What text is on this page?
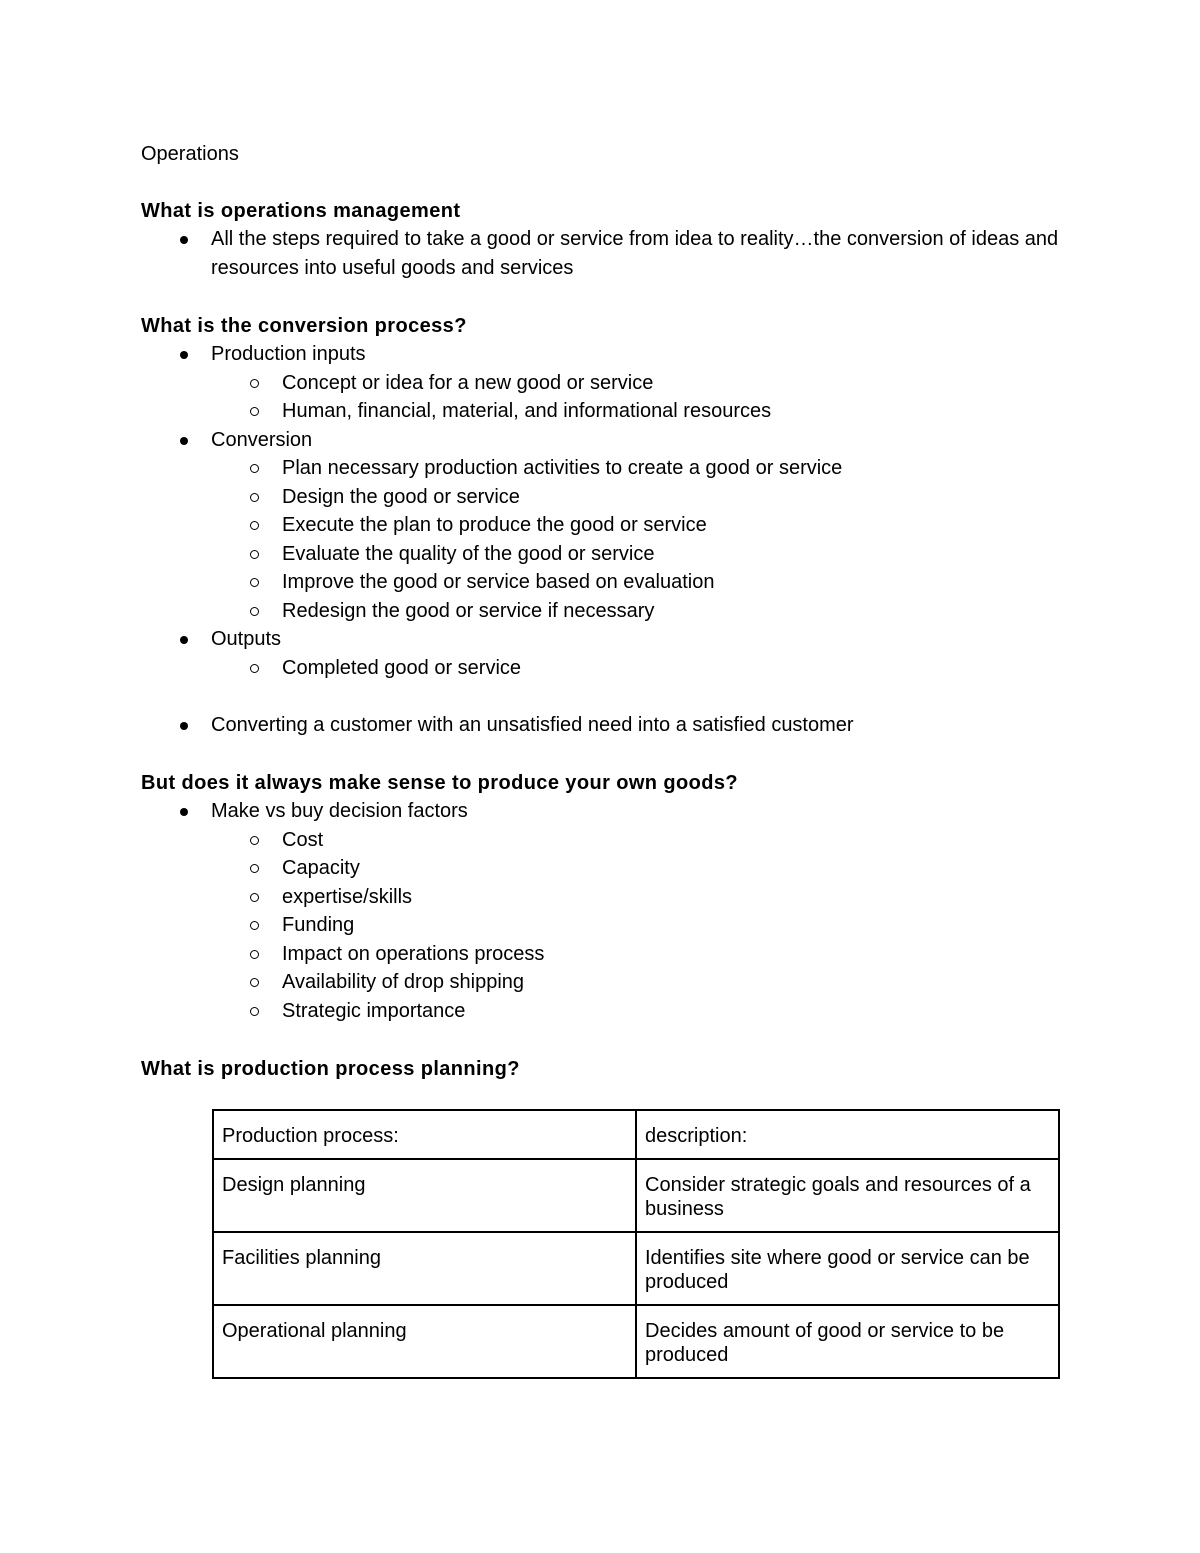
Operations

What is operations management

All the steps required to take a good or service from idea to reality…the conversion of ideas and resources into useful goods and services

What is the conversion process?

Production inputs
Concept or idea for a new good or service
Human, financial, material, and informational resources
Conversion
Plan necessary production activities to create a good or service
Design the good or service
Execute the plan to produce the good or service
Evaluate the quality of the good or service
Improve the good or service based on evaluation
Redesign the good or service if necessary
Outputs
Completed good or service
Converting a customer with an unsatisfied need into a satisfied customer

But does it always make sense to produce your own goods?

Make vs buy decision factors
Cost
Capacity
expertise/skills
Funding
Impact on operations process
Availability of drop shipping
Strategic importance

What is production process planning?

Production process:	description:
Design planning	Consider strategic goals and resources of a business
Facilities planning	Identifies site where good or service can be produced
Operational planning	Decides amount of good or service to be produced
